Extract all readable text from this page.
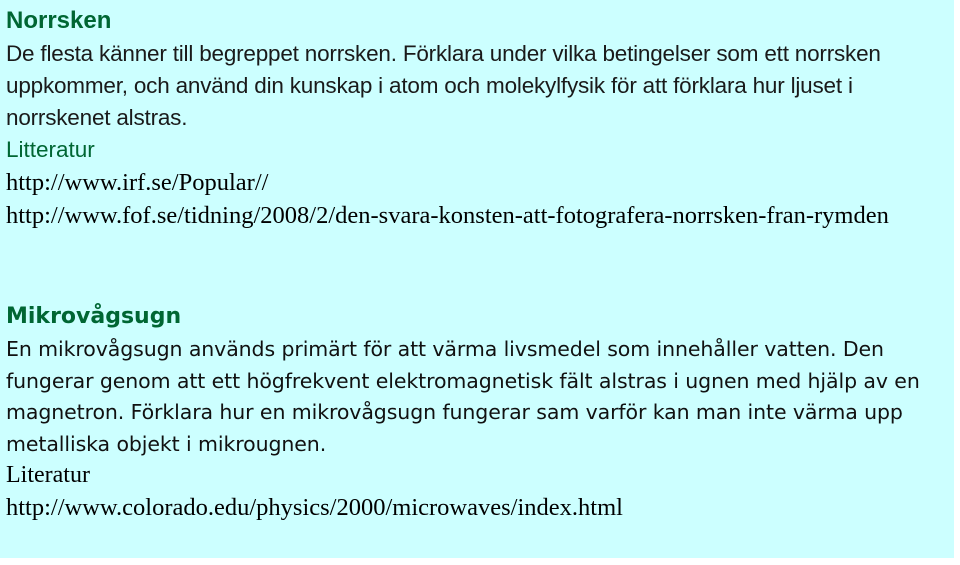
Norrsken

De flesta känner till begreppet norrsken. Förklara under vilka betingelser som ett norrsken uppkommer, och använd din kunskap i atom och molekylfysik för att förklara hur ljuset i norrskenet alstras.

Litteratur

http://www.irf.se/Popular//
http://www.fof.se/tidning/2008/2/den-svara-konsten-att-fotografera-norrsken-fran-rymden
Mikrovågsugn

En mikrovågsugn används primärt för att värma livsmedel som innehåller vatten. Den fungerar genom att ett högfrekvent elektromagnetisk fält alstras i ugnen med hjälp av en magnetron. Förklara hur en mikrovågsugn fungerar sam varför kan man inte värma upp metalliska objekt i mikrougnen.

Literatur

http://www.colorado.edu/physics/2000/microwaves/index.html
